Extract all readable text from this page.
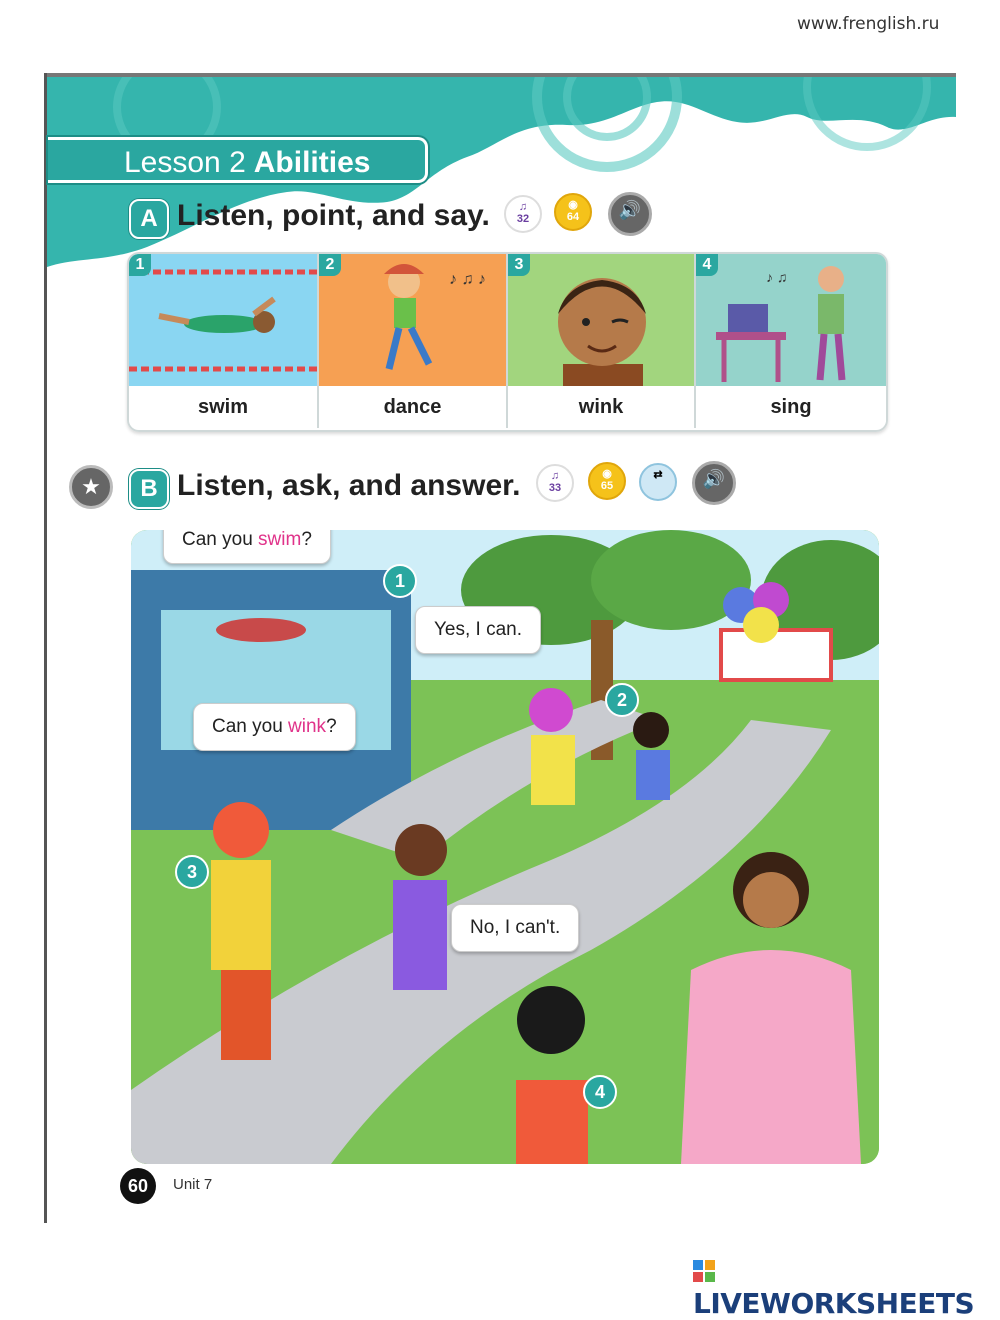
www.frenglish.ru
Lesson 2 Abilities
A Listen, point, and say.	♫
32
◉
64	🔊
1
swim
2
♪ ♫ ♪
dance
3
wink
4
♪ ♫
sing
★	B Listen, ask, and answer.	♫
33
◉
65
⇄	🔊
Can you swim?
Yes, I can.
Can you wink?
No, I can't.
1
2
3
4
60	Unit 7
LIVEWORKSHEETS
